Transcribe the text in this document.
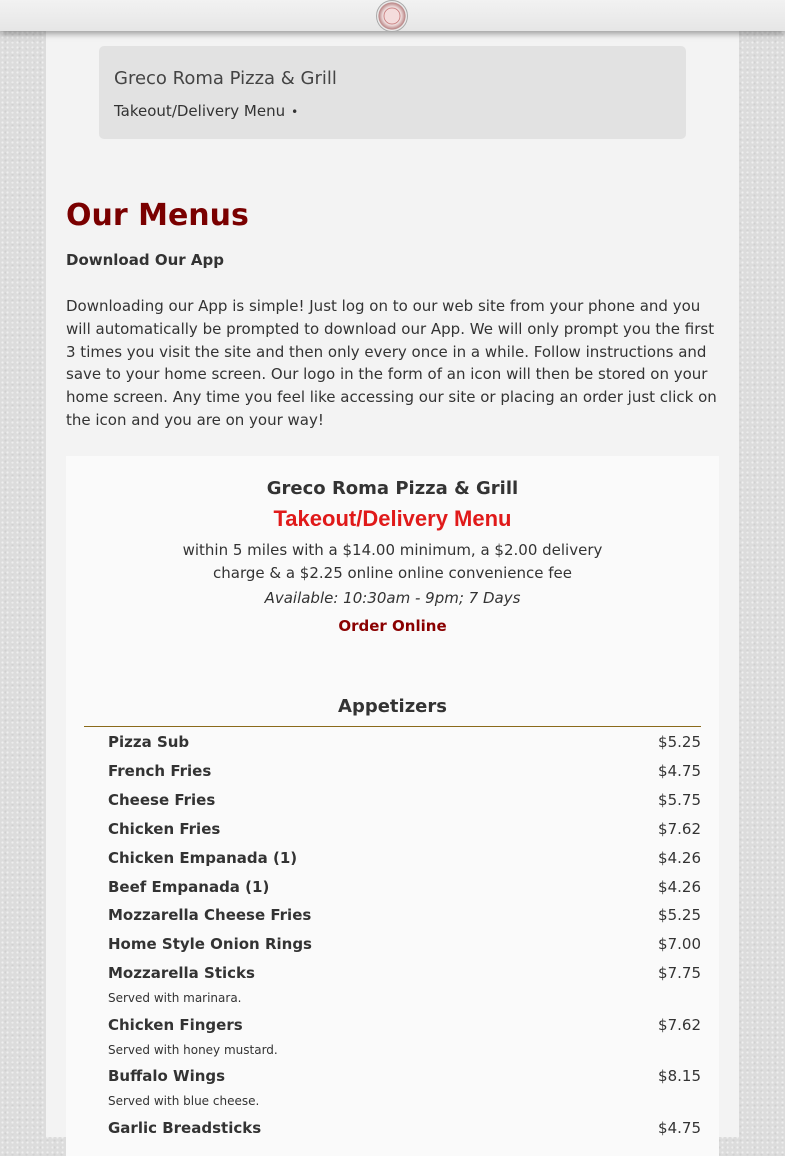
Greco Roma Pizza & Grill
Takeout/Delivery Menu •
Our Menus
Download Our App

Downloading our App is simple! Just log on to our web site from your phone and you will automatically be prompted to download our App. We will only prompt you the first 3 times you visit the site and then only every once in a while. Follow instructions and save to your home screen. Our logo in the form of an icon will then be stored on your home screen. Any time you feel like accessing our site or placing an order just click on the icon and you are on your way!

Greco Roma Pizza & Grill
Takeout/Delivery Menu
within 5 miles with a $14.00 minimum, a $2.00 delivery charge & a $2.25 online online convenience fee
Available: 10:30am - 9pm; 7 Days
Order Online
Appetizers
Pizza Sub	$5.25
French Fries	$4.75
Cheese Fries	$5.75
Chicken Fries	$7.62
Chicken Empanada (1)	$4.26
Beef Empanada (1)	$4.26
Mozzarella Cheese Fries	$5.25
Home Style Onion Rings	$7.00
Mozzarella Sticks	$7.75
Served with marinara.
Chicken Fingers	$7.62
Served with honey mustard.
Buffalo Wings	$8.15
Served with blue cheese.
Garlic Breadsticks	$4.75
